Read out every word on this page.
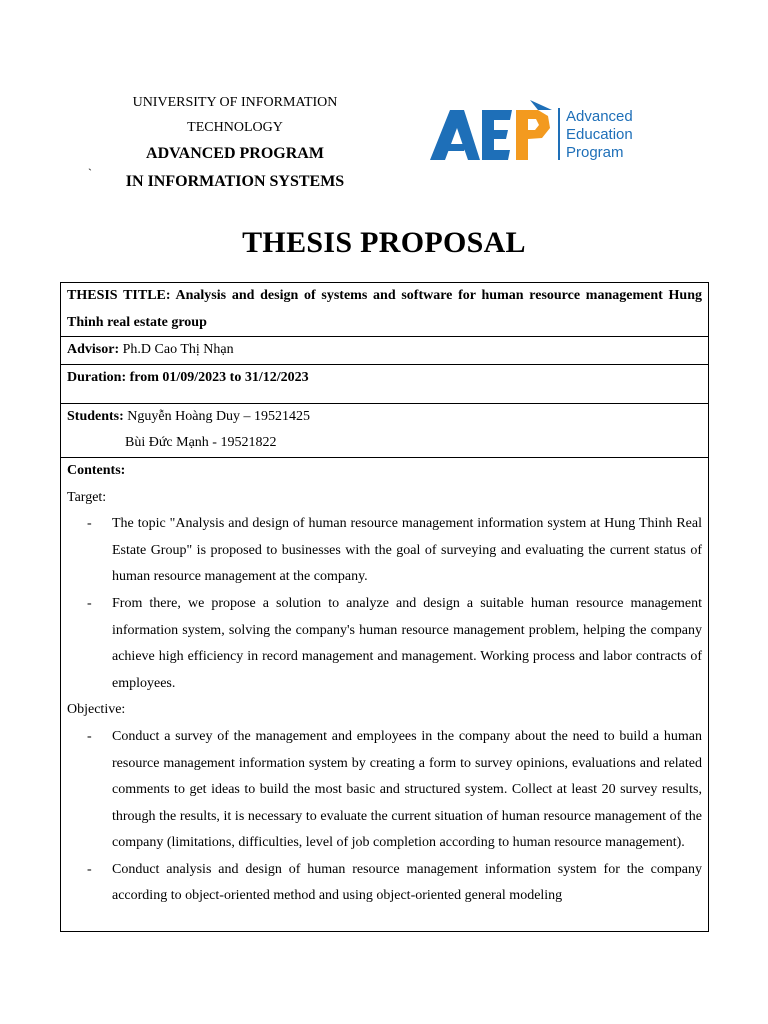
UNIVERSITY OF INFORMATION
TECHNOLOGY
ADVANCED PROGRAM
IN INFORMATION SYSTEMS
`
Advanced
Education
Program
THESIS PROPOSAL
THESIS TITLE: Analysis and design of systems and software for human resource management Hung Thinh real estate group
Advisor: Ph.D Cao Thị Nhạn
Duration: from 01/09/2023 to 31/12/2023

Students: Nguyễn Hoàng Duy – 19521425
Bùi Đức Mạnh - 19521822

Contents:
Target:
- The topic "Analysis and design of human resource management information system at Hung Thinh Real Estate Group" is proposed to businesses with the goal of surveying and evaluating the current status of human resource management at the company.
- From there, we propose a solution to analyze and design a suitable human resource management information system, solving the company's human resource management problem, helping the company achieve high efficiency in record management and management. Working process and labor contracts of employees.
Objective:
- Conduct a survey of the management and employees in the company about the need to build a human resource management information system by creating a form to survey opinions, evaluations and related comments to get ideas to build the most basic and structured system. Collect at least 20 survey results, through the results, it is necessary to evaluate the current situation of human resource management of the company (limitations, difficulties, level of job completion according to human resource management).
- Conduct analysis and design of human resource management information system for the company according to object-oriented method and using object-oriented general modeling
